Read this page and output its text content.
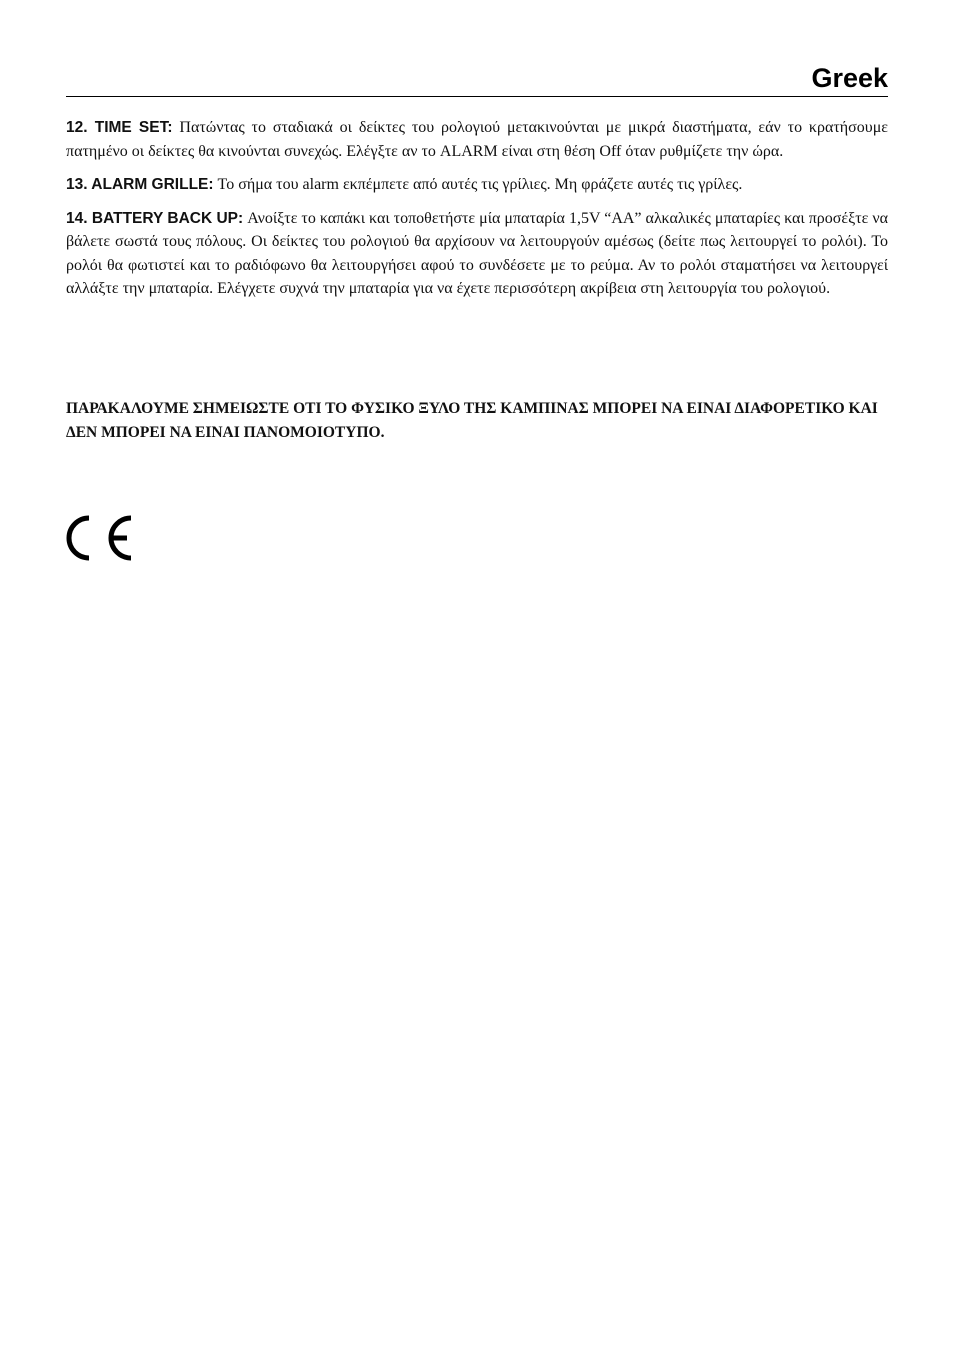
Greek

12. TIME SET: Πατώντας το σταδιακά οι δείκτες του ρολογιού μετακινούνται με μικρά διαστήματα, εάν το κρατήσουμε πατημένο οι δείκτες θα κινούνται συνεχώς. Ελέγξτε αν το ALARM είναι στη θέση Off όταν ρυθμίζετε την ώρα.

13. ALARM GRILLE: Το σήμα του alarm εκπέμπετε από αυτές τις γρίλιες. Μη φράζετε αυτές τις γρίλες.

14. BATTERY BACK UP: Ανοίξτε το καπάκι και τοποθετήστε μία μπαταρία 1,5V “AA” αλκαλικές μπαταρίες και προσέξτε να βάλετε σωστά τους πόλους. Οι δείκτες του ρολογιού θα αρχίσουν να λειτουργούν αμέσως (δείτε πως λειτουργεί το ρολόι). Το ρολόι θα φωτιστεί και το ραδιόφωνο θα λειτουργήσει αφού το συνδέσετε με το ρεύμα. Αν το ρολόι σταματήσει να λειτουργεί αλλάξτε την μπαταρία. Ελέγχετε συχνά την μπαταρία για να έχετε περισσότερη ακρίβεια στη λειτουργία του ρολογιού.

ΠΑΡΑΚΑΛΟΥΜΕ ΣΗΜΕΙΩΣΤΕ ΟΤΙ ΤΟ ΦΥΣΙΚΟ ΞΥΛΟ ΤΗΣ ΚΑΜΠΙΝΑΣ ΜΠΟΡΕΙ ΝΑ ΕΙΝΑΙ ΔΙΑΦΟΡΕΤΙΚΟ ΚΑΙ ΔΕΝ ΜΠΟΡΕΙ ΝΑ ΕΙΝΑΙ ΠΑΝΟΜΟΙΟΤΥΠΟ.
